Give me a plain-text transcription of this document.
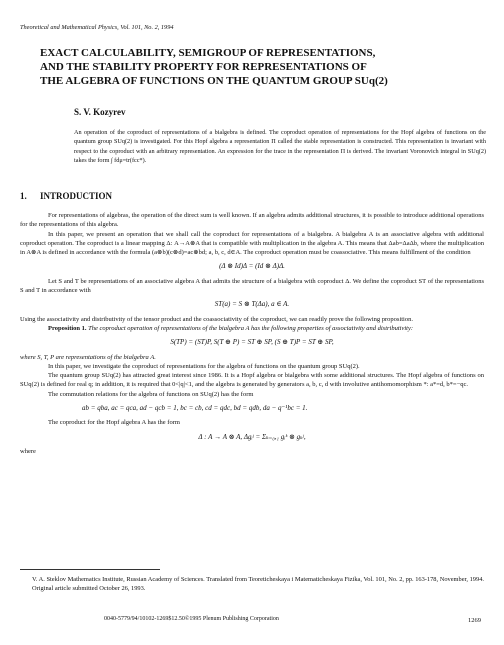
Theoretical and Mathematical Physics, Vol. 101, No. 2, 1994
EXACT CALCULABILITY, SEMIGROUP OF REPRESENTATIONS,
AND THE STABILITY PROPERTY FOR REPRESENTATIONS OF
THE ALGEBRA OF FUNCTIONS ON THE QUANTUM GROUP SUq(2)
S. V. Kozyrev
An operation of the coproduct of representations of a bialgebra is defined. The coproduct operation of representations for the Hopf algebra of functions on the quantum group SUq(2) is investigated. For this Hopf algebra a representation Π called the stable representation is constructed. This representation is invariant with respect to the coproduct with an arbitrary representation. An expression for the trace in the representation Π is derived. The invariant Voronovich integral in SUq(2) takes the form ∫ fdμ=tr(fcc*).
1. INTRODUCTION

For representations of algebras, the operation of the direct sum is well known. If an algebra admits additional structures, it is possible to introduce additional operations for the representations of this algebra.

In this paper, we present an operation that we shall call the coproduct for representations of a bialgebra. A bialgebra A is an associative algebra with additional coproduct operation. The coproduct is a linear mapping Δ: A→A⊗A that is compatible with multiplication in the algebra A. This means that Δab=ΔaΔb, where the multiplication in A⊗A is defined in accordance with the formula (a⊗b)(c⊗d)=ac⊗bd; a, b, c, d∈A. The coproduct operation must be coassociative. This means fulfillment of the condition

(Δ ⊗ Id)Δ = (Id ⊗ Δ)Δ.

Let S and T be representations of an associative algebra A that admits the structure of a bialgebra with coproduct Δ. We define the coproduct ST of the representations S and T in accordance with

ST(a) = S ⊗ T(Δa), a ∈ A.

Using the associativity and distributivity of the tensor product and the coassociativity of the coproduct, we can readily prove the following proposition.

Proposition 1. The coproduct operation of representations of the bialgebra A has the following properties of associativity and distributivity:

S(TP) = (ST)P, S(T ⊕ P) = ST ⊕ SP, (S ⊕ T)P = ST ⊕ SP,

where S, T, P are representations of the bialgebra A.

In this paper, we investigate the coproduct of representations for the algebra of functions on the quantum group SUq(2).

The quantum group SUq(2) has attracted great interest since 1986. It is a Hopf algebra or bialgebra with some additional structures. The Hopf algebra of functions on SUq(2) is defined for real q; in addition, it is required that 0<|q|<1, and the algebra is generated by generators a, b, c, d with involutive antihomomorphism *: a*=d, b*=−qc.

The commutation relations for the algebra of functions on SUq(2) has the form

ab = qba, ac = qca, ad − qcb = 1, bc = cb, cd = qdc, bd = qdb, da − q⁻¹bc = 1.

The coproduct for the Hopf algebra A has the form

Δ : A → A ⊗ A, Δgᵢʲ = Σₖ₌₀,₁ gᵢᵏ ⊗ gₖʲ,

where

V. A. Steklov Mathematics Institute, Russian Academy of Sciences. Translated from Teoreticheskaya i Matematicheskaya Fizika, Vol. 101, No. 2, pp. 163-178, November, 1994. Original article submitted October 26, 1993.
0040-5779/94/10102-1269$12.50©1995 Plenum Publishing Corporation	1269
